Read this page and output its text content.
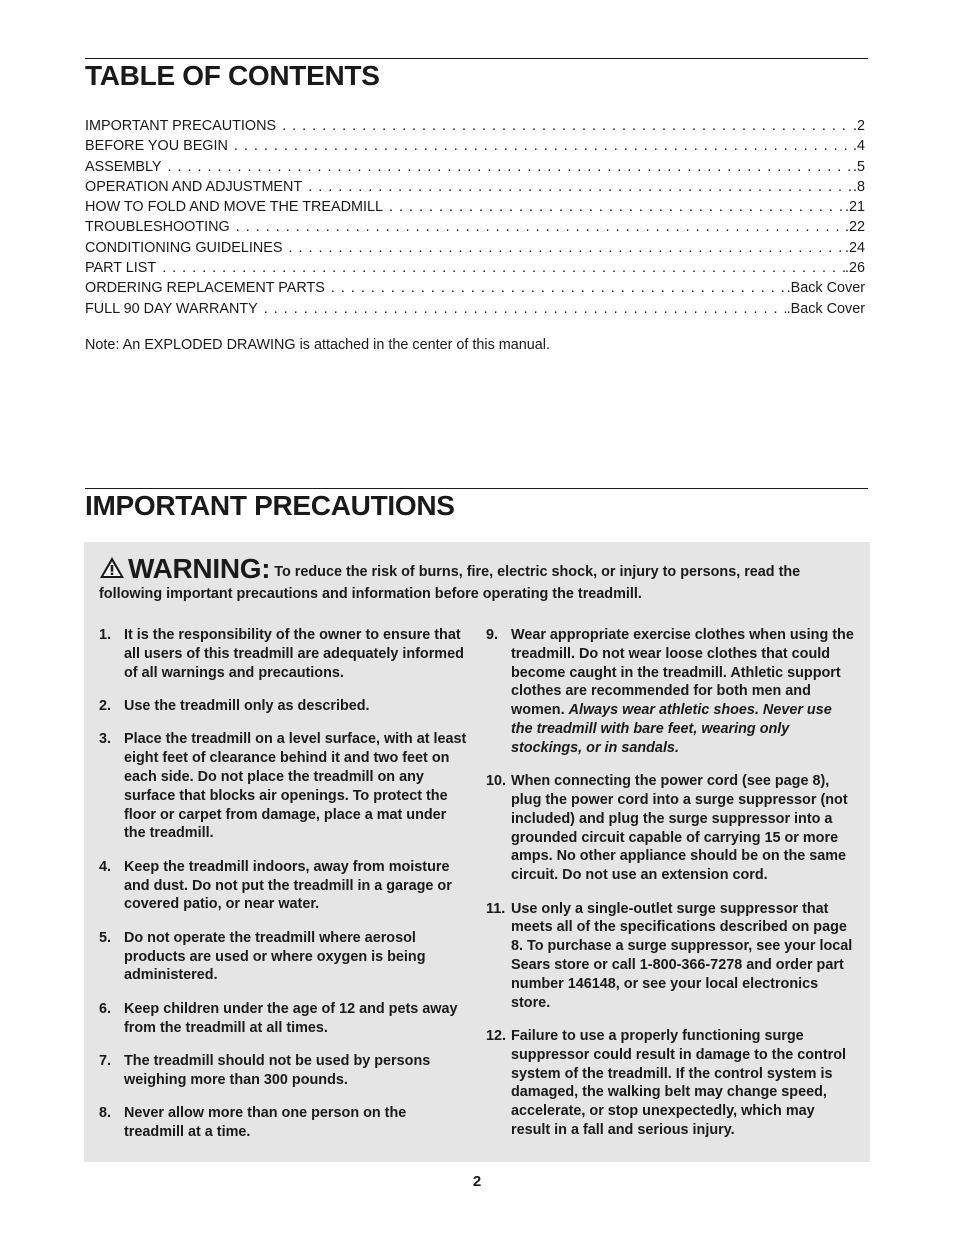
TABLE OF CONTENTS
IMPORTANT PRECAUTIONS . . .	.2
BEFORE YOU BEGIN . . .	.4
ASSEMBLY . . .	.5
OPERATION AND ADJUSTMENT . . .	.8
HOW TO FOLD AND MOVE THE TREADMILL . . .	.21
TROUBLESHOOTING . . .	.22
CONDITIONING GUIDELINES . . .	.24
PART LIST . . .	.26
ORDERING REPLACEMENT PARTS . . .	.Back Cover
FULL 90 DAY WARRANTY . . .	.Back Cover

Note: An EXPLODED DRAWING is attached in the center of this manual.

IMPORTANT PRECAUTIONS
WARNING: To reduce the risk of burns, fire, electric shock, or injury to persons, read the following important precautions and information before operating the treadmill.
1. It is the responsibility of the owner to ensure that all users of this treadmill are adequately informed of all warnings and precautions.
2. Use the treadmill only as described.
3. Place the treadmill on a level surface, with at least eight feet of clearance behind it and two feet on each side. Do not place the treadmill on any surface that blocks air openings. To protect the floor or carpet from damage, place a mat under the treadmill.
4. Keep the treadmill indoors, away from moisture and dust. Do not put the treadmill in a garage or covered patio, or near water.
5. Do not operate the treadmill where aerosol products are used or where oxygen is being administered.
6. Keep children under the age of 12 and pets away from the treadmill at all times.
7. The treadmill should not be used by persons weighing more than 300 pounds.
8. Never allow more than one person on the treadmill at a time.
9. Wear appropriate exercise clothes when using the treadmill. Do not wear loose clothes that could become caught in the treadmill. Athletic support clothes are recommended for both men and women. Always wear athletic shoes. Never use the treadmill with bare feet, wearing only stockings, or in sandals.
10. When connecting the power cord (see page 8), plug the power cord into a surge suppressor (not included) and plug the surge suppressor into a grounded circuit capable of carrying 15 or more amps. No other appliance should be on the same circuit. Do not use an extension cord.
11. Use only a single-outlet surge suppressor that meets all of the specifications described on page 8. To purchase a surge suppressor, see your local Sears store or call 1-800-366-7278 and order part number 146148, or see your local electronics store.
12. Failure to use a properly functioning surge suppressor could result in damage to the control system of the treadmill. If the control system is damaged, the walking belt may change speed, accelerate, or stop unexpectedly, which may result in a fall and serious injury.

2
